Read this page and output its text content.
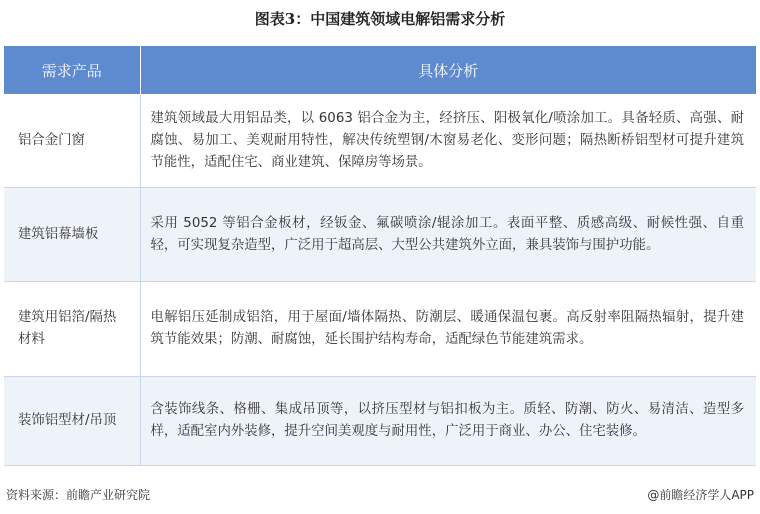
图表3：中国建筑领域电解铝需求分析
需求产品	具体分析
铝合金门窗	建筑领域最大用铝品类，以 6063 铝合金为主，经挤压、阳极氧化/喷涂加工。具备轻质、高强、耐腐蚀、易加工、美观耐用特性，解决传统塑钢/木窗易老化、变形问题；隔热断桥铝型材可提升建筑节能性，适配住宅、商业建筑、保障房等场景。
建筑铝幕墙板	采用 5052 等铝合金板材，经钣金、氟碳喷涂/辊涂加工。表面平整、质感高级、耐候性强、自重轻，可实现复杂造型，广泛用于超高层、大型公共建筑外立面，兼具装饰与围护功能。
建筑用铝箔/隔热材料	电解铝压延制成铝箔，用于屋面/墙体隔热、防潮层、暖通保温包裹。高反射率阻隔热辐射，提升建筑节能效果；防潮、耐腐蚀，延长围护结构寿命，适配绿色节能建筑需求。
装饰铝型材/吊顶	含装饰线条、格栅、集成吊顶等，以挤压型材与铝扣板为主。质轻、防潮、防火、易清洁、造型多样，适配室内外装修，提升空间美观度与耐用性，广泛用于商业、办公、住宅装修。
资料来源：前瞻产业研究院	@前瞻经济学人APP
